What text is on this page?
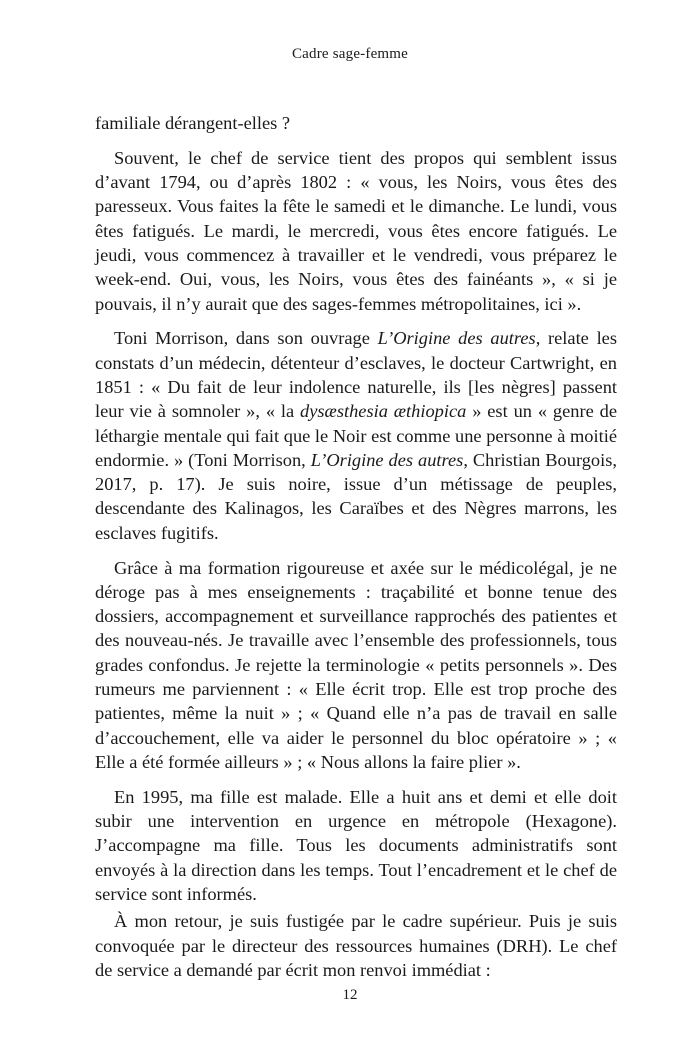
Cadre sage-femme

familiale dérangent-elles ?

Souvent, le chef de service tient des propos qui semblent issus d’avant 1794, ou d’après 1802 : « vous, les Noirs, vous êtes des paresseux. Vous faites la fête le samedi et le dimanche. Le lundi, vous êtes fatigués. Le mardi, le mercredi, vous êtes encore fatigués. Le jeudi, vous commencez à travailler et le vendredi, vous préparez le week-end. Oui, vous, les Noirs, vous êtes des fainéants », « si je pouvais, il n’y aurait que des sages-femmes métropolitaines, ici ».

Toni Morrison, dans son ouvrage L’Origine des autres, relate les constats d’un médecin, détenteur d’esclaves, le docteur Cartwright, en 1851 : « Du fait de leur indolence naturelle, ils [les nègres] passent leur vie à somnoler », « la dysæsthesia æthiopica » est un « genre de léthargie mentale qui fait que le Noir est comme une personne à moitié endormie. » (Toni Morrison, L’Origine des autres, Christian Bourgois, 2017, p. 17). Je suis noire, issue d’un métissage de peuples, descendante des Kalinagos, les Caraïbes et des Nègres marrons, les esclaves fugitifs.

Grâce à ma formation rigoureuse et axée sur le médicolégal, je ne déroge pas à mes enseignements : traçabilité et bonne tenue des dossiers, accompagnement et surveillance rapprochés des patientes et des nouveau-nés. Je travaille avec l’ensemble des professionnels, tous grades confondus. Je rejette la terminologie « petits personnels ». Des rumeurs me parviennent : « Elle écrit trop. Elle est trop proche des patientes, même la nuit » ; « Quand elle n’a pas de travail en salle d’accouchement, elle va aider le personnel du bloc opératoire » ; « Elle a été formée ailleurs » ; « Nous allons la faire plier ».

En 1995, ma fille est malade. Elle a huit ans et demi et elle doit subir une intervention en urgence en métropole (Hexagone). J’accompagne ma fille. Tous les documents administratifs sont envoyés à la direction dans les temps. Tout l’encadrement et le chef de service sont informés.

À mon retour, je suis fustigée par le cadre supérieur. Puis je suis convoquée par le directeur des ressources humaines (DRH). Le chef de service a demandé par écrit mon renvoi immédiat :

12
